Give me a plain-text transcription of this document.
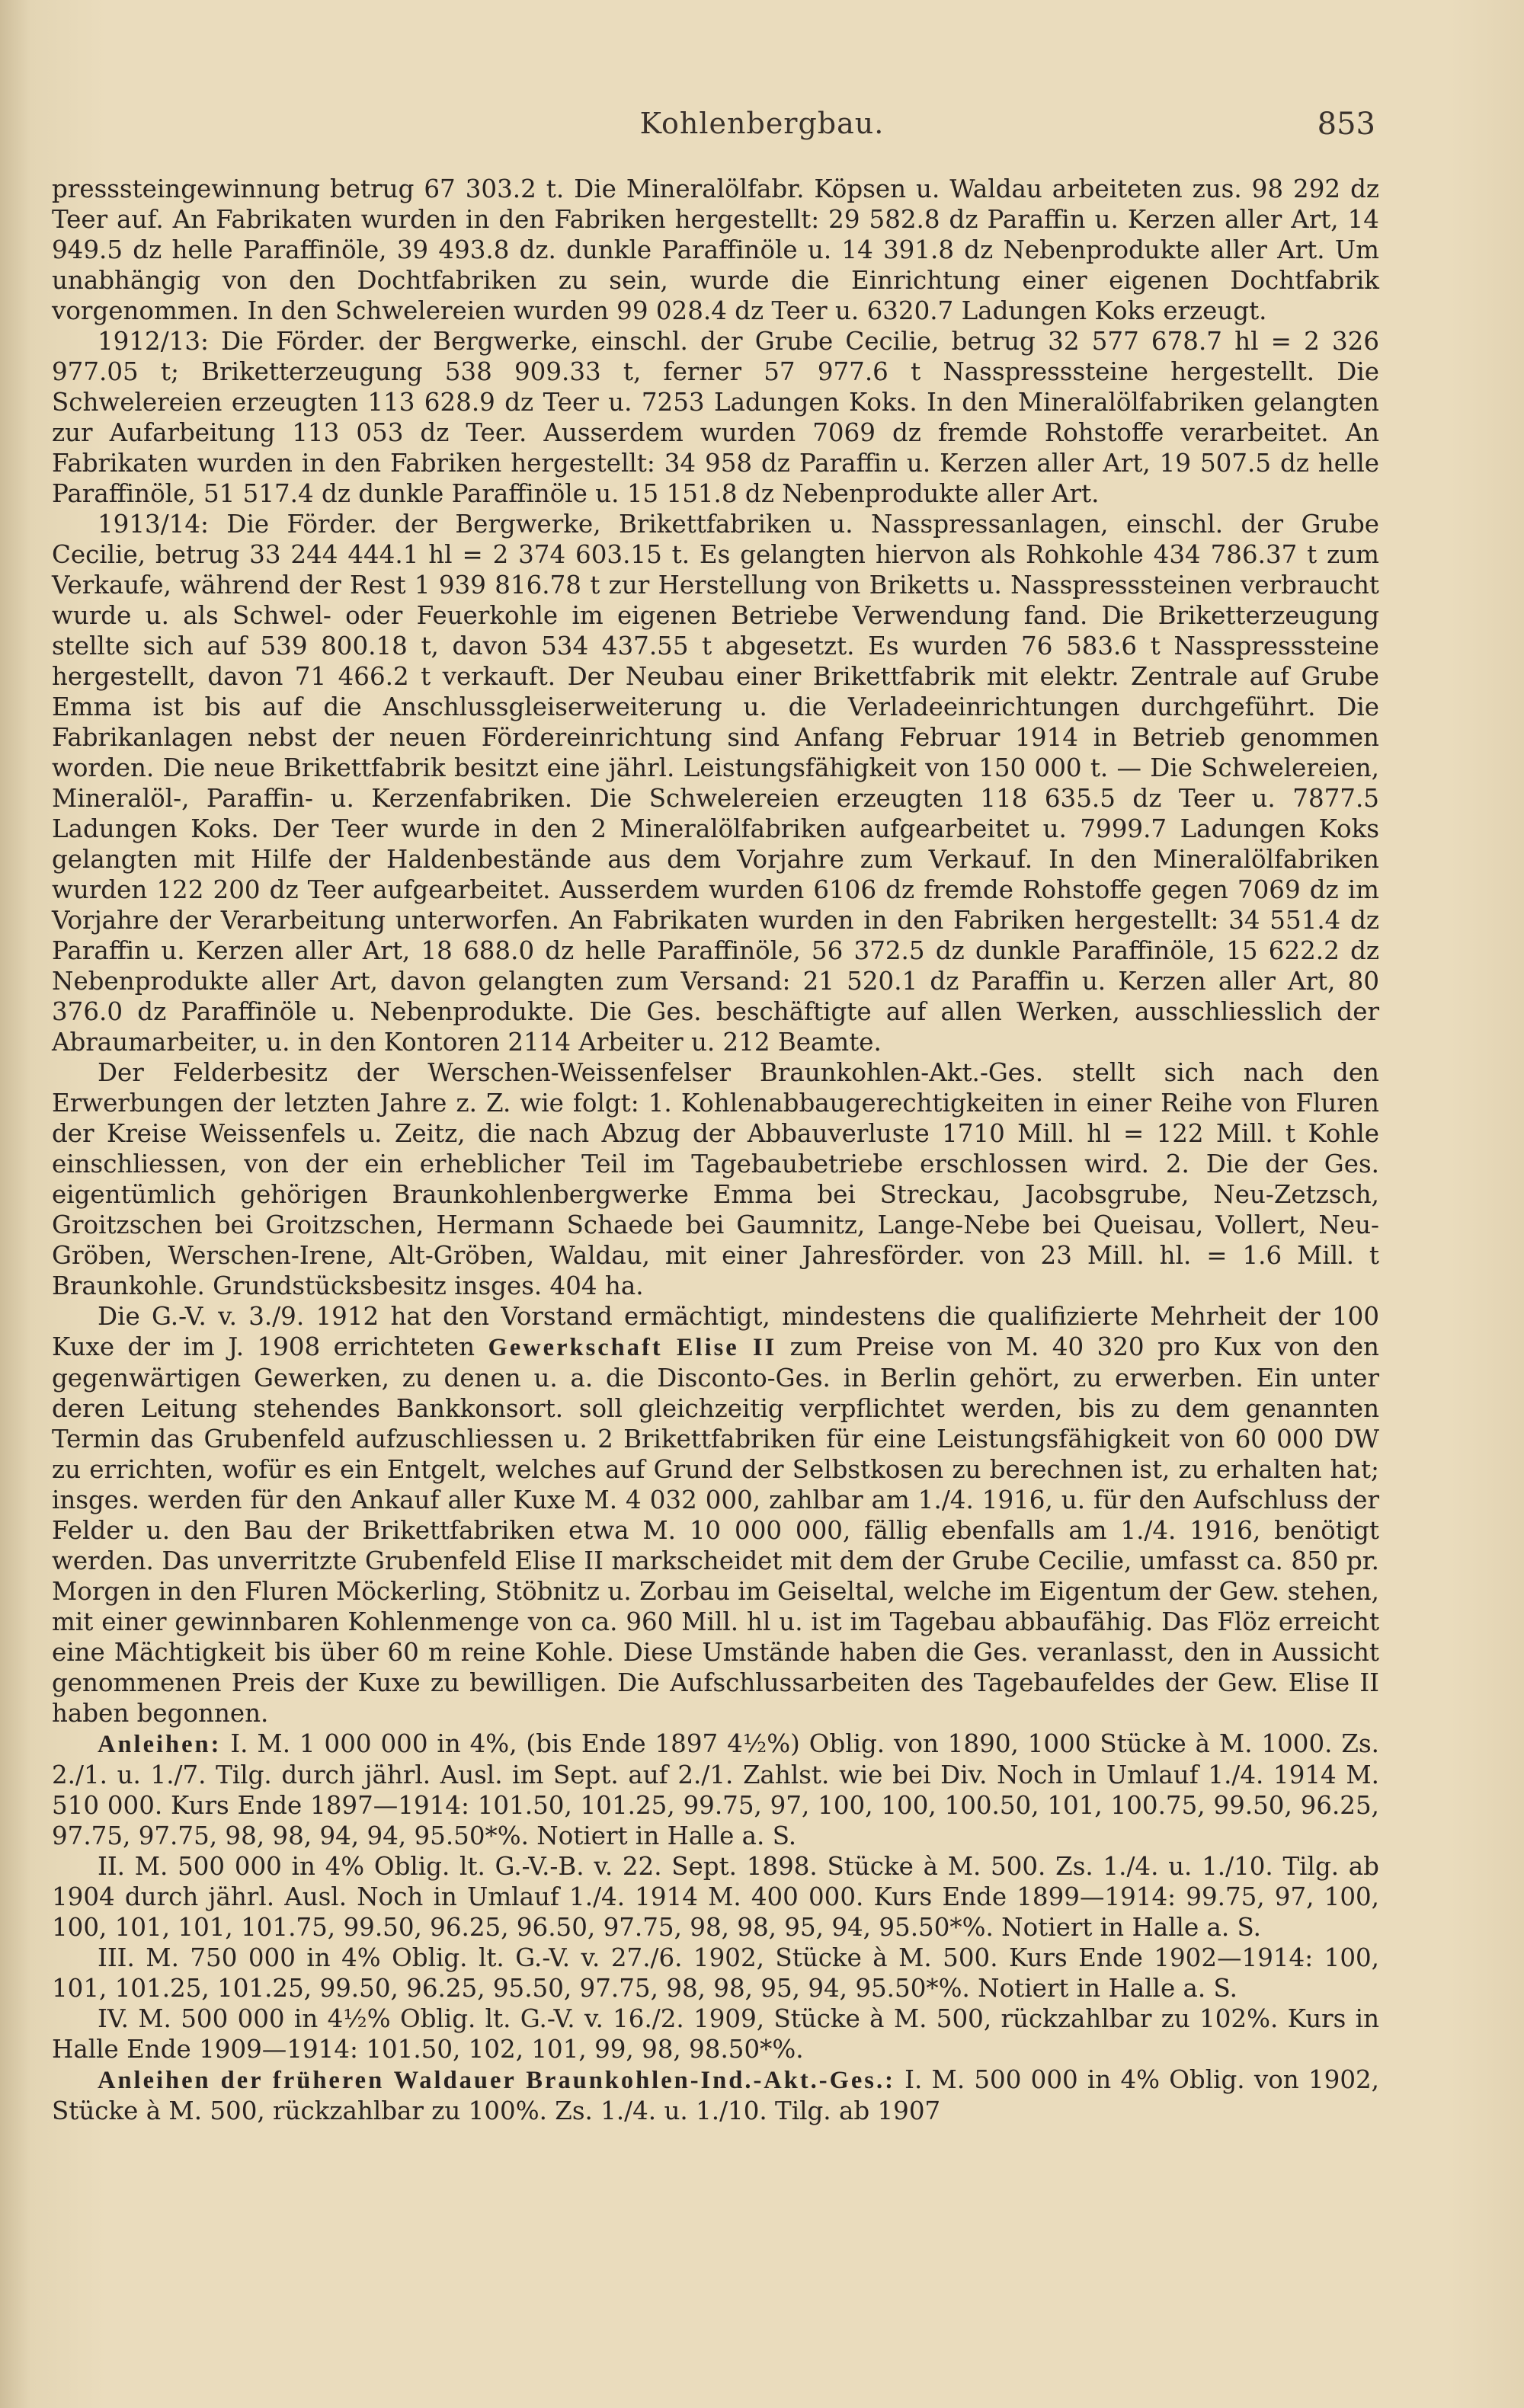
Kohlenbergbau.	853

presssteingewinnung betrug 67 303.2 t. Die Mineralölfabr. Köpsen u. Waldau arbeiteten zus. 98 292 dz Teer auf. An Fabrikaten wurden in den Fabriken hergestellt: 29 582.8 dz Paraffin u. Kerzen aller Art, 14 949.5 dz helle Paraffinöle, 39 493.8 dz. dunkle Paraffinöle u. 14 391.8 dz Nebenprodukte aller Art. Um unabhängig von den Dochtfabriken zu sein, wurde die Einrichtung einer eigenen Dochtfabrik vorgenommen. In den Schwelereien wurden 99 028.4 dz Teer u. 6320.7 Ladungen Koks erzeugt.

1912/13: Die Förder. der Bergwerke, einschl. der Grube Cecilie, betrug 32 577 678.7 hl = 2 326 977.05 t; Briketterzeugung 538 909.33 t, ferner 57 977.6 t Nasspresssteine hergestellt. Die Schwelereien erzeugten 113 628.9 dz Teer u. 7253 Ladungen Koks. In den Mineralölfabriken gelangten zur Aufarbeitung 113 053 dz Teer. Ausserdem wurden 7069 dz fremde Rohstoffe verarbeitet. An Fabrikaten wurden in den Fabriken hergestellt: 34 958 dz Paraffin u. Kerzen aller Art, 19 507.5 dz helle Paraffinöle, 51 517.4 dz dunkle Paraffinöle u. 15 151.8 dz Nebenprodukte aller Art.

1913/14: Die Förder. der Bergwerke, Brikettfabriken u. Nasspressanlagen, einschl. der Grube Cecilie, betrug 33 244 444.1 hl = 2 374 603.15 t. Es gelangten hiervon als Rohkohle 434 786.37 t zum Verkaufe, während der Rest 1 939 816.78 t zur Herstellung von Briketts u. Nasspresssteinen verbraucht wurde u. als Schwel- oder Feuerkohle im eigenen Betriebe Verwendung fand. Die Briketterzeugung stellte sich auf 539 800.18 t, davon 534 437.55 t abgesetzt. Es wurden 76 583.6 t Nasspresssteine hergestellt, davon 71 466.2 t verkauft. Der Neubau einer Brikettfabrik mit elektr. Zentrale auf Grube Emma ist bis auf die Anschlussgleiserweiterung u. die Verladeeinrichtungen durchgeführt. Die Fabrikanlagen nebst der neuen Fördereinrichtung sind Anfang Februar 1914 in Betrieb genommen worden. Die neue Brikettfabrik besitzt eine jährl. Leistungsfähigkeit von 150 000 t. — Die Schwelereien, Mineralöl-, Paraffin- u. Kerzenfabriken. Die Schwelereien erzeugten 118 635.5 dz Teer u. 7877.5 Ladungen Koks. Der Teer wurde in den 2 Mineralölfabriken aufgearbeitet u. 7999.7 Ladungen Koks gelangten mit Hilfe der Haldenbestände aus dem Vorjahre zum Verkauf. In den Mineralölfabriken wurden 122 200 dz Teer aufgearbeitet. Ausserdem wurden 6106 dz fremde Rohstoffe gegen 7069 dz im Vorjahre der Verarbeitung unterworfen. An Fabrikaten wurden in den Fabriken hergestellt: 34 551.4 dz Paraffin u. Kerzen aller Art, 18 688.0 dz helle Paraffinöle, 56 372.5 dz dunkle Paraffinöle, 15 622.2 dz Nebenprodukte aller Art, davon gelangten zum Versand: 21 520.1 dz Paraffin u. Kerzen aller Art, 80 376.0 dz Paraffinöle u. Nebenprodukte. Die Ges. beschäftigte auf allen Werken, ausschliesslich der Abraumarbeiter, u. in den Kontoren 2114 Arbeiter u. 212 Beamte.

Der Felderbesitz der Werschen-Weissenfelser Braunkohlen-Akt.-Ges. stellt sich nach den Erwerbungen der letzten Jahre z. Z. wie folgt: 1. Kohlenabbaugerechtigkeiten in einer Reihe von Fluren der Kreise Weissenfels u. Zeitz, die nach Abzug der Abbauverluste 1710 Mill. hl = 122 Mill. t Kohle einschliessen, von der ein erheblicher Teil im Tagebaubetriebe erschlossen wird. 2. Die der Ges. eigentümlich gehörigen Braunkohlenbergwerke Emma bei Streckau, Jacobsgrube, Neu-Zetzsch, Groitzschen bei Groitzschen, Hermann Schaede bei Gaumnitz, Lange-Nebe bei Queisau, Vollert, Neu-Gröben, Werschen-Irene, Alt-Gröben, Waldau, mit einer Jahresförder. von 23 Mill. hl. = 1.6 Mill. t Braunkohle. Grundstücksbesitz insges. 404 ha.

Die G.-V. v. 3./9. 1912 hat den Vorstand ermächtigt, mindestens die qualifizierte Mehrheit der 100 Kuxe der im J. 1908 errichteten Gewerkschaft Elise II zum Preise von M. 40 320 pro Kux von den gegenwärtigen Gewerken, zu denen u. a. die Disconto-Ges. in Berlin gehört, zu erwerben. Ein unter deren Leitung stehendes Bankkonsort. soll gleichzeitig verpflichtet werden, bis zu dem genannten Termin das Grubenfeld aufzuschliessen u. 2 Brikettfabriken für eine Leistungsfähigkeit von 60 000 DW zu errichten, wofür es ein Entgelt, welches auf Grund der Selbstkosen zu berechnen ist, zu erhalten hat; insges. werden für den Ankauf aller Kuxe M. 4 032 000, zahlbar am 1./4. 1916, u. für den Aufschluss der Felder u. den Bau der Brikettfabriken etwa M. 10 000 000, fällig ebenfalls am 1./4. 1916, benötigt werden. Das unverritzte Grubenfeld Elise II markscheidet mit dem der Grube Cecilie, umfasst ca. 850 pr. Morgen in den Fluren Möckerling, Stöbnitz u. Zorbau im Geiseltal, welche im Eigentum der Gew. stehen, mit einer gewinnbaren Kohlenmenge von ca. 960 Mill. hl u. ist im Tagebau abbaufähig. Das Flöz erreicht eine Mächtigkeit bis über 60 m reine Kohle. Diese Umstände haben die Ges. veranlasst, den in Aussicht genommenen Preis der Kuxe zu bewilligen. Die Aufschlussarbeiten des Tagebaufeldes der Gew. Elise II haben begonnen.

Anleihen: I. M. 1 000 000 in 4%, (bis Ende 1897 4½%) Oblig. von 1890, 1000 Stücke à M. 1000. Zs. 2./1. u. 1./7. Tilg. durch jährl. Ausl. im Sept. auf 2./1. Zahlst. wie bei Div. Noch in Umlauf 1./4. 1914 M. 510 000. Kurs Ende 1897—1914: 101.50, 101.25, 99.75, 97, 100, 100, 100.50, 101, 100.75, 99.50, 96.25, 97.75, 97.75, 98, 98, 94, 94, 95.50*%. Notiert in Halle a. S.

II. M. 500 000 in 4% Oblig. lt. G.-V.-B. v. 22. Sept. 1898. Stücke à M. 500. Zs. 1./4. u. 1./10. Tilg. ab 1904 durch jährl. Ausl. Noch in Umlauf 1./4. 1914 M. 400 000. Kurs Ende 1899—1914: 99.75, 97, 100, 100, 101, 101, 101.75, 99.50, 96.25, 96.50, 97.75, 98, 98, 95, 94, 95.50*%. Notiert in Halle a. S.

III. M. 750 000 in 4% Oblig. lt. G.-V. v. 27./6. 1902, Stücke à M. 500. Kurs Ende 1902—1914: 100, 101, 101.25, 101.25, 99.50, 96.25, 95.50, 97.75, 98, 98, 95, 94, 95.50*%. Notiert in Halle a. S.

IV. M. 500 000 in 4½% Oblig. lt. G.-V. v. 16./2. 1909, Stücke à M. 500, rückzahlbar zu 102%. Kurs in Halle Ende 1909—1914: 101.50, 102, 101, 99, 98, 98.50*%.

Anleihen der früheren Waldauer Braunkohlen-Ind.-Akt.-Ges.: I. M. 500 000 in 4% Oblig. von 1902, Stücke à M. 500, rückzahlbar zu 100%. Zs. 1./4. u. 1./10. Tilg. ab 1907
